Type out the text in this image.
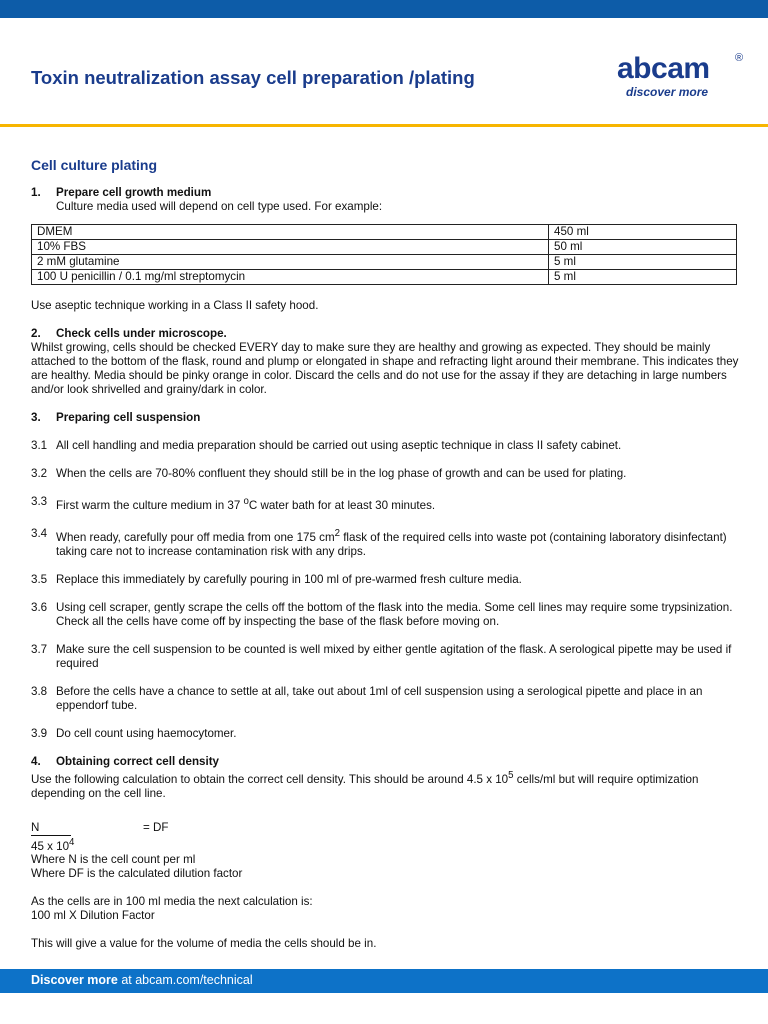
Toxin neutralization assay cell preparation /plating	abcam ®
discover more
Cell culture plating

1. Prepare cell growth medium

Culture media used will depend on cell type used. For example:

DMEM	450 ml
10% FBS	50 ml
2 mM glutamine	5 ml
100 U penicillin / 0.1 mg/ml streptomycin	5 ml

Use aseptic technique working in a Class II safety hood.

2. Check cells under microscope.

Whilst growing, cells should be checked EVERY day to make sure they are healthy and growing as expected. They should be mainly attached to the bottom of the flask, round and plump or elongated in shape and refracting light around their membrane. This indicates they are healthy. Media should be pinky orange in color. Discard the cells and do not use for the assay if they are detaching in large numbers and/or look shrivelled and grainy/dark in color.

3. Preparing cell suspension

3.1 All cell handling and media preparation should be carried out using aseptic technique in class II safety cabinet.
3.2 When the cells are 70-80% confluent they should still be in the log phase of growth and can be used for plating.
3.3 First warm the culture medium in 37 $^o$C water bath for at least 30 minutes.
3.4 When ready, carefully pour off media from one 175 $cm^2$ flask of the required cells into waste pot (containing laboratory disinfectant) taking care not to increase contamination risk with any drips.
3.5 Replace this immediately by carefully pouring in 100 ml of pre-warmed fresh culture media.
3.6 Using cell scraper, gently scrape the cells off the bottom of the flask into the media. Some cell lines may require some trypsinization. Check all the cells have come off by inspecting the base of the flask before moving on.
3.7 Make sure the cell suspension to be counted is well mixed by either gentle agitation of the flask. A serological pipette may be used if required
3.8 Before the cells have a chance to settle at all, take out about 1ml of cell suspension using a serological pipette and place in an eppendorf tube.
3.9 Do cell count using haemocytomer.

4. Obtaining correct cell density

Use the following calculation to obtain the correct cell density. This should be around 4.5 x $10^5$ cells/ml but will require optimization depending on the cell line.

N	= DF

45 x $10^4$

Where N is the cell count per ml

Where DF is the calculated dilution factor

As the cells are in 100 ml media the next calculation is:

100 ml X Dilution Factor

This will give a value for the volume of media the cells should be in.

Discover more at abcam.com/technical
